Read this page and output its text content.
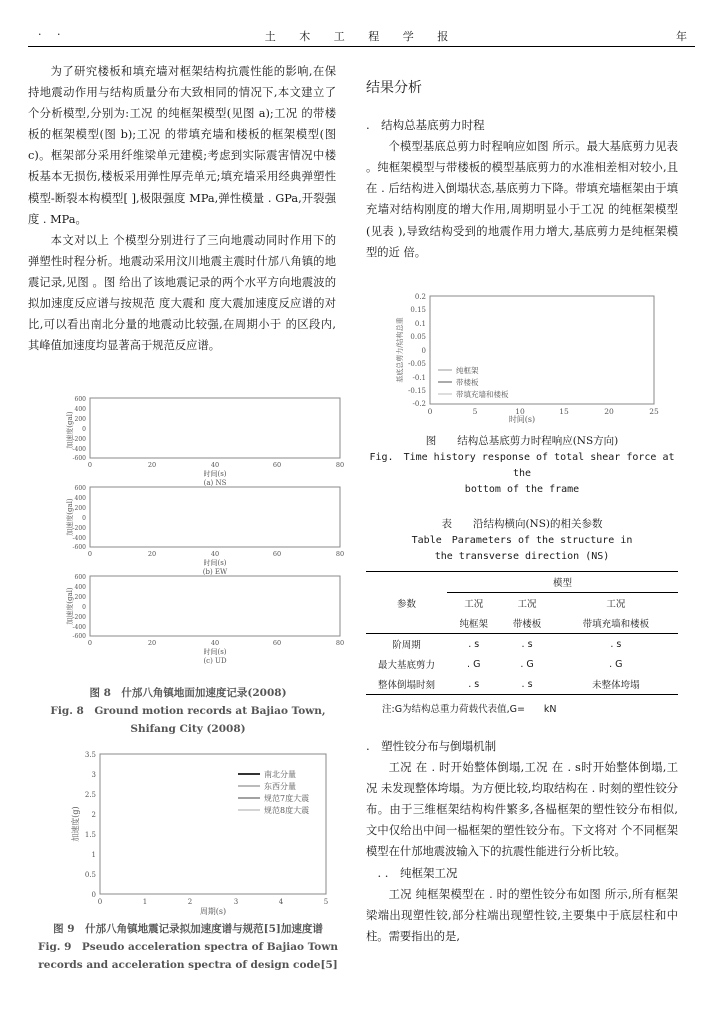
· ·	土 木 工 程 学 报	年

为了研究楼板和填充墙对框架结构抗震性能的影响,在保持地震动作用与结构质量分布大致相同的情况下,本文建立了 个分析模型,分别为:工况 的纯框架模型(见图 a);工况 的带楼板的框架模型(图 b);工况 的带填充墙和楼板的框架模型(图 c)。框架部分采用纤维梁单元建模;考虑到实际震害情况中楼板基本无损伤,楼板采用弹性厚壳单元;填充墙采用经典弹塑性模型-断裂本构模型[ ],极限强度 MPa,弹性模量 . GPa,开裂强度 . MPa。

本文对以上 个模型分别进行了三向地震动同时作用下的弹塑性时程分析。地震动采用汶川地震主震时什邡八角镇的地震记录,见图 。图 给出了该地震记录的两个水平方向地震波的拟加速度反应谱与按规范 度大震和 度大震加速度反应谱的对比,可以看出南北分量的地震动比较强,在周期小于 的区段内,其峰值加速度均显著高于规范反应谱。

加速度(gal)
600
400
200
0
-200
-400
-600
0	20	40	60	80
时间(s)
(a) NS
加速度(gal)
600
400
200
0
-200
-400
-600
0	20	40	60	80
时间(s)
(b) EW
加速度(gal)
600
400
200
0
-200
-400
-600
0	20	40	60	80
时间(s)
(c) UD

图 8　什邡八角镇地面加速度记录(2008)

Fig. 8　Ground motion records at Bajiao Town,

Shifang City (2008)

加速度(g)
3.5
3
2.5
2
1.5
1
0.5
0
0	1	2	3	4	5
周期(s)
南北分量
东西分量
规范7度大震
规范8度大震

图 9　什邡八角镇地震记录拟加速度谱与规范[5]加速度谱

Fig. 9　Pseudo acceleration spectra of Bajiao Town

records and acceleration spectra of design code[5]

结果分析

.　结构总基底剪力时程

个模型基底总剪力时程响应如图 所示。最大基底剪力见表 。纯框架模型与带楼板的模型基底剪力的水准相差相对较小,且在 . 后结构进入倒塌状态,基底剪力下降。带填充墙框架由于填充墙对结构刚度的增大作用,周期明显小于工况 的纯框架模型(见表 ),导致结构受到的地震作用力增大,基底剪力是纯框架模型的近 倍。

基底总剪力/结构总重
0.2
0.15
0.1
0.05
0
-0.05
-0.1
-0.15
-0.2
0	5	10	15	20	25
纯框架
带楼板
带填充墙和楼板

时间(s)

图　　结构总基底剪力时程响应(NS方向)

Fig.　Time history response of total shear force at the

bottom of the frame

表　　沿结构横向(NS)的相关参数

Table　Parameters of the structure in

the transverse direction (NS)

参数	模型		
	工况	工况	工况
	纯框架	带楼板	带填充墙和楼板
阶周期	. s	. s	. s
最大基底剪力	. G	. G	. G
整体倒塌时刻	. s	. s	未整体垮塌
注:G为结构总重力荷载代表值,G=　　kN

.　塑性铰分布与倒塌机制

工况 在 . 时开始整体倒塌,工况 在 . s时开始整体倒塌,工况 未发现整体垮塌。为方便比较,均取结构在 . 时刻的塑性铰分布。由于三维框架结构构件繁多,各榀框架的塑性铰分布相似,文中仅给出中间一榀框架的塑性铰分布。下文将对 个不同框架模型在什邡地震波输入下的抗震性能进行分析比较。

. .　纯框架工况

工况 纯框架模型在 . 时的塑性铰分布如图 所示,所有框架梁端出现塑性铰,部分柱端出现塑性铰,主要集中于底层柱和中柱。需要指出的是,
